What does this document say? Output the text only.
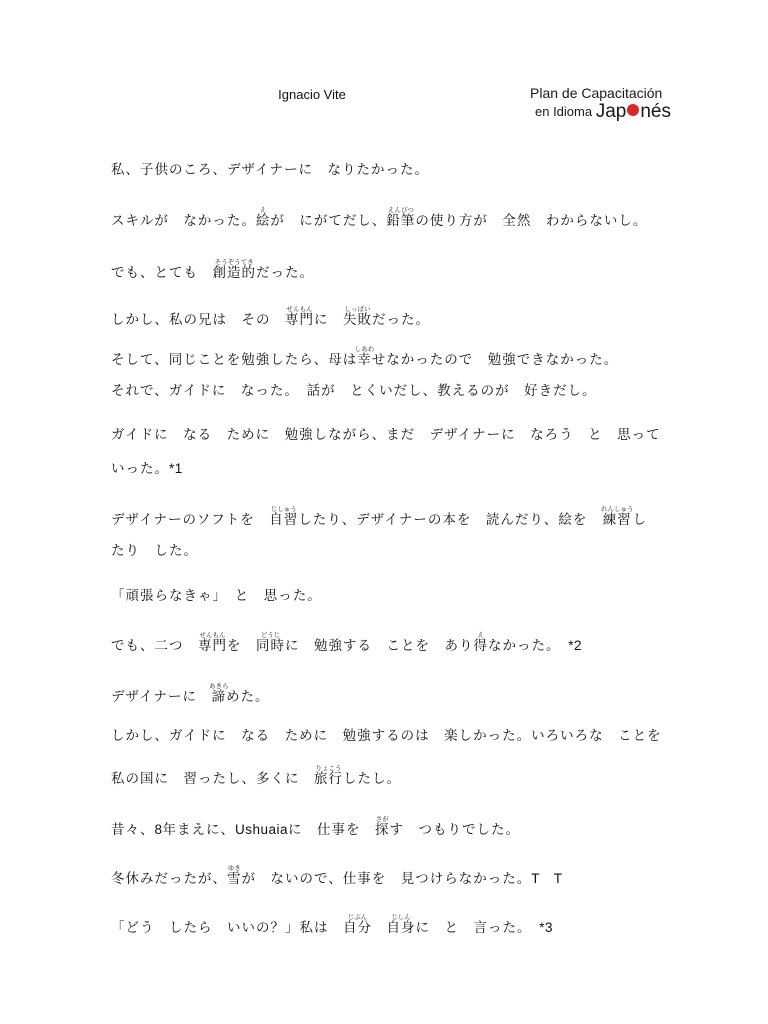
Ignacio Vite	Plan de Capacitación
en Idioma Jap nés
私、子供のころ、デザイナーに　なりたかった。
スキルが　なかった。絵えが　にがてだし、鉛筆えんぴつの使り方が　全然　わからないし。
でも、とても　創造的そうぞうてきだった。
しかし、私の兄は　その　専門せんもんに　失敗しっぱいだった。
そして、同じことを勉強したら、母は幸しあわせなかったので　勉強できなかった。
それで、ガイドに　なった。　話が　とくいだし、教えるのが　好きだし。
ガイドに　なる　ために　勉強しながら、まだ　デザイナーに　なろう　と　思って
いった。*1
デザイナーのソフトを　自習じしゅうしたり、デザイナーの本を　読んだり、絵を　練習れんしゅうし
たり　した。
「頑張らなきゃ」　と　思った。
でも、二つ　専門せんもんを　同時どうじに　勉強する　ことを　あり得えなかった。　*2
デザイナーに　諦あきらめた。
しかし、ガイドに　なる　ために　勉強するのは　楽しかった。いろいろな　ことを
私の国に　習ったし、多くに　旅行りょこうしたし。
昔々、8年まえに、Ushuaiaに　仕事を　探さがす　つもりでした。
冬休みだったが、雪ゆきが　ないので、仕事を　見つけらなかった。T　T
「どう　したら　いいの？」私は　自分じぶん　自身じしんに　と　言った。　*3
